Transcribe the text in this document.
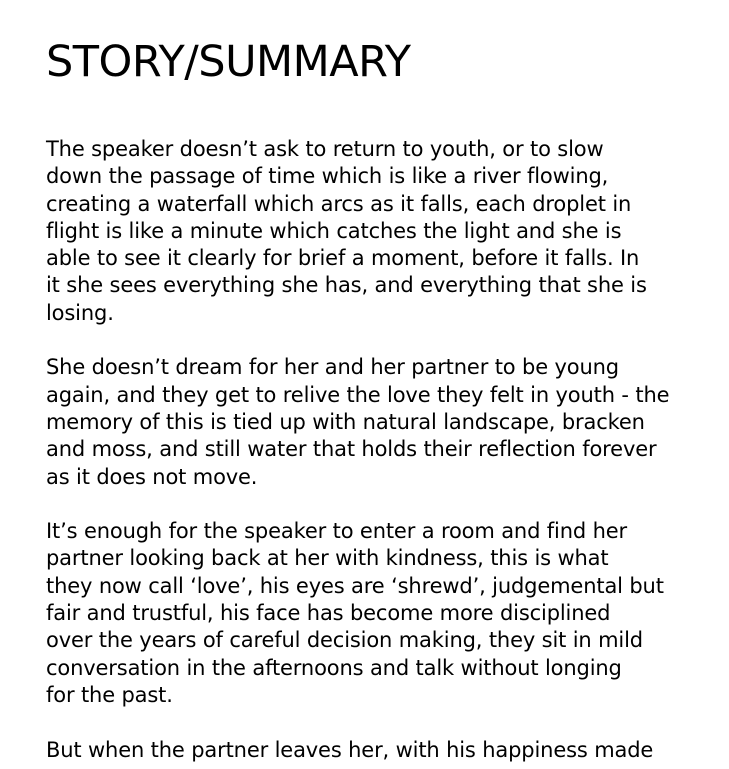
STORY/SUMMARY

The speaker doesn’t ask to return to youth, or to slow
down the passage of time which is like a river flowing,
creating a waterfall which arcs as it falls, each droplet in
flight is like a minute which catches the light and she is
able to see it clearly for brief a moment, before it falls. In
it she sees everything she has, and everything that she is
losing.

She doesn’t dream for her and her partner to be young
again, and they get to relive the love they felt in youth - the
memory of this is tied up with natural landscape, bracken
and moss, and still water that holds their reflection forever
as it does not move.

It’s enough for the speaker to enter a room and find her
partner looking back at her with kindness, this is what
they now call ‘love’, his eyes are ‘shrewd’, judgemental but
fair and trustful, his face has become more disciplined
over the years of careful decision making, they sit in mild
conversation in the afternoons and talk without longing
for the past.

But when the partner leaves her, with his happiness made
